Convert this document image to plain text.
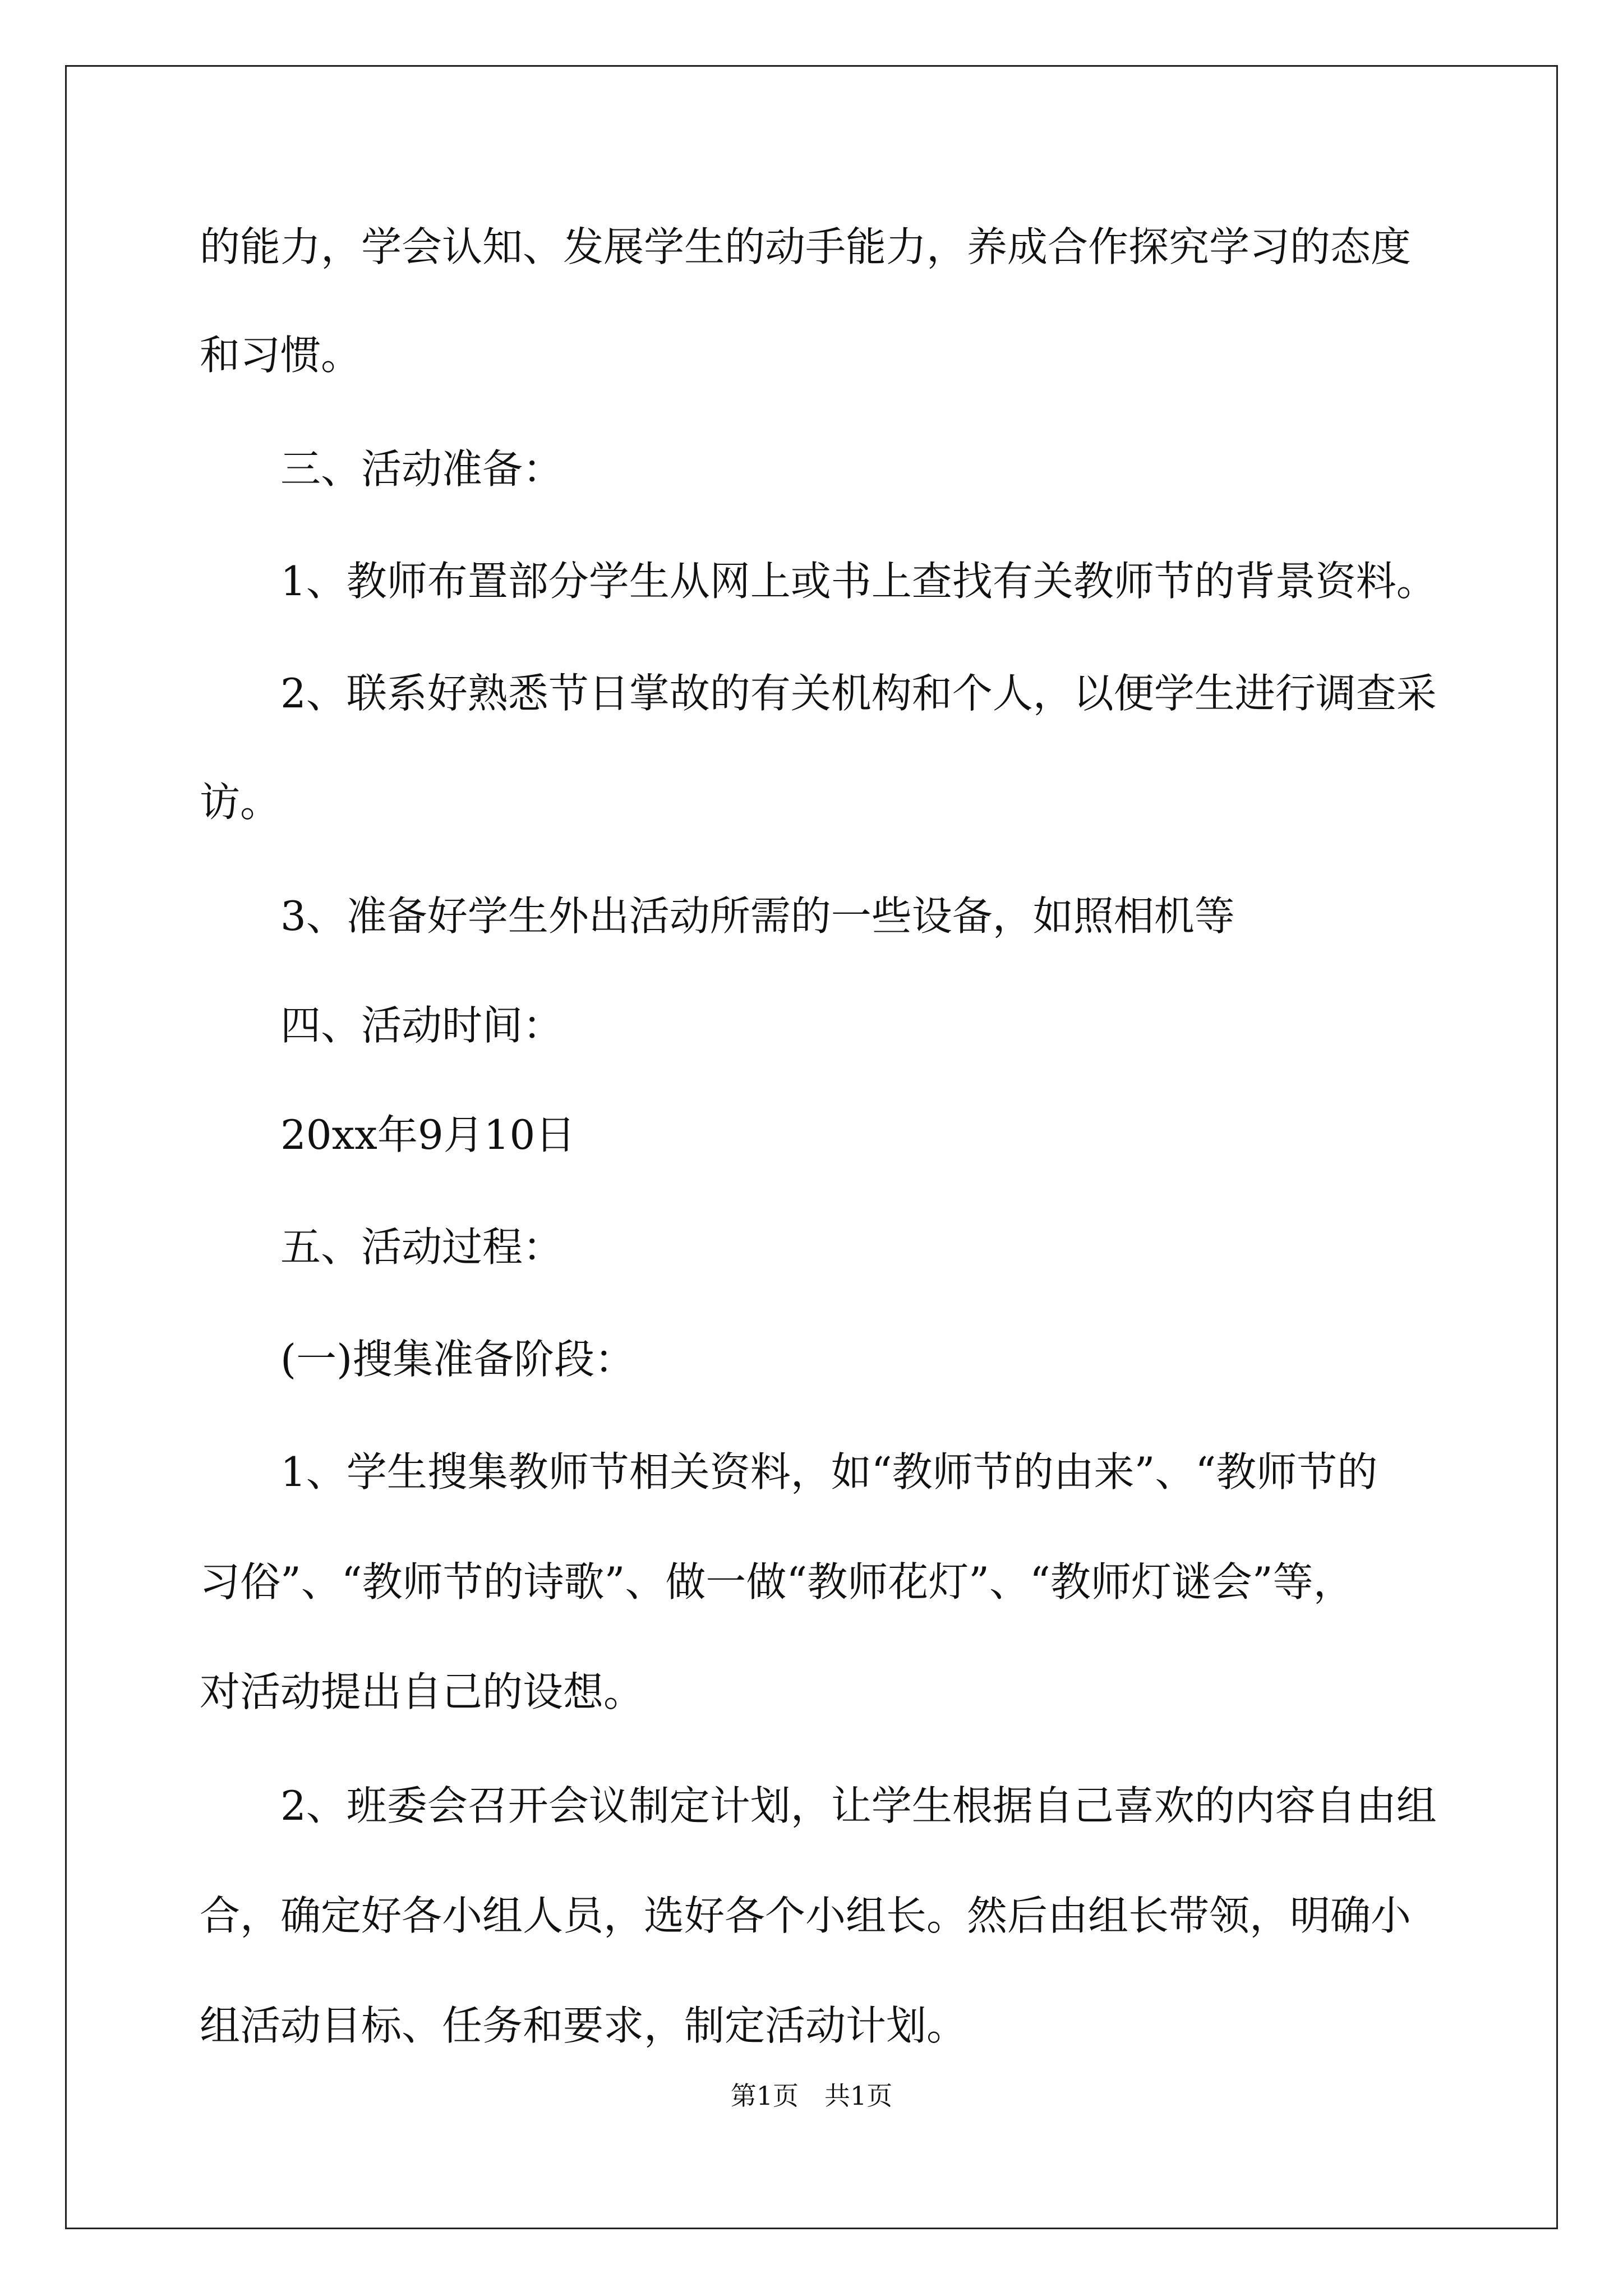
的能力，学会认知、发展学生的动手能力，养成合作探究学习的态度
和习惯。
三、活动准备：
1、教师布置部分学生从网上或书上查找有关教师节的背景资料。
2、联系好熟悉节日掌故的有关机构和个人，以便学生进行调查采
访。
3、准备好学生外出活动所需的一些设备，如照相机等
四、活动时间：
20xx年9月10日
五、活动过程：
(一)搜集准备阶段：
1、学生搜集教师节相关资料，如“教师节的由来”、“教师节的
习俗”、“教师节的诗歌”、做一做“教师花灯”、“教师灯谜会”等，
对活动提出自己的设想。
2、班委会召开会议制定计划，让学生根据自己喜欢的内容自由组
合，确定好各小组人员，选好各个小组长。然后由组长带领，明确小
组活动目标、任务和要求，制定活动计划。
第1页　共1页
